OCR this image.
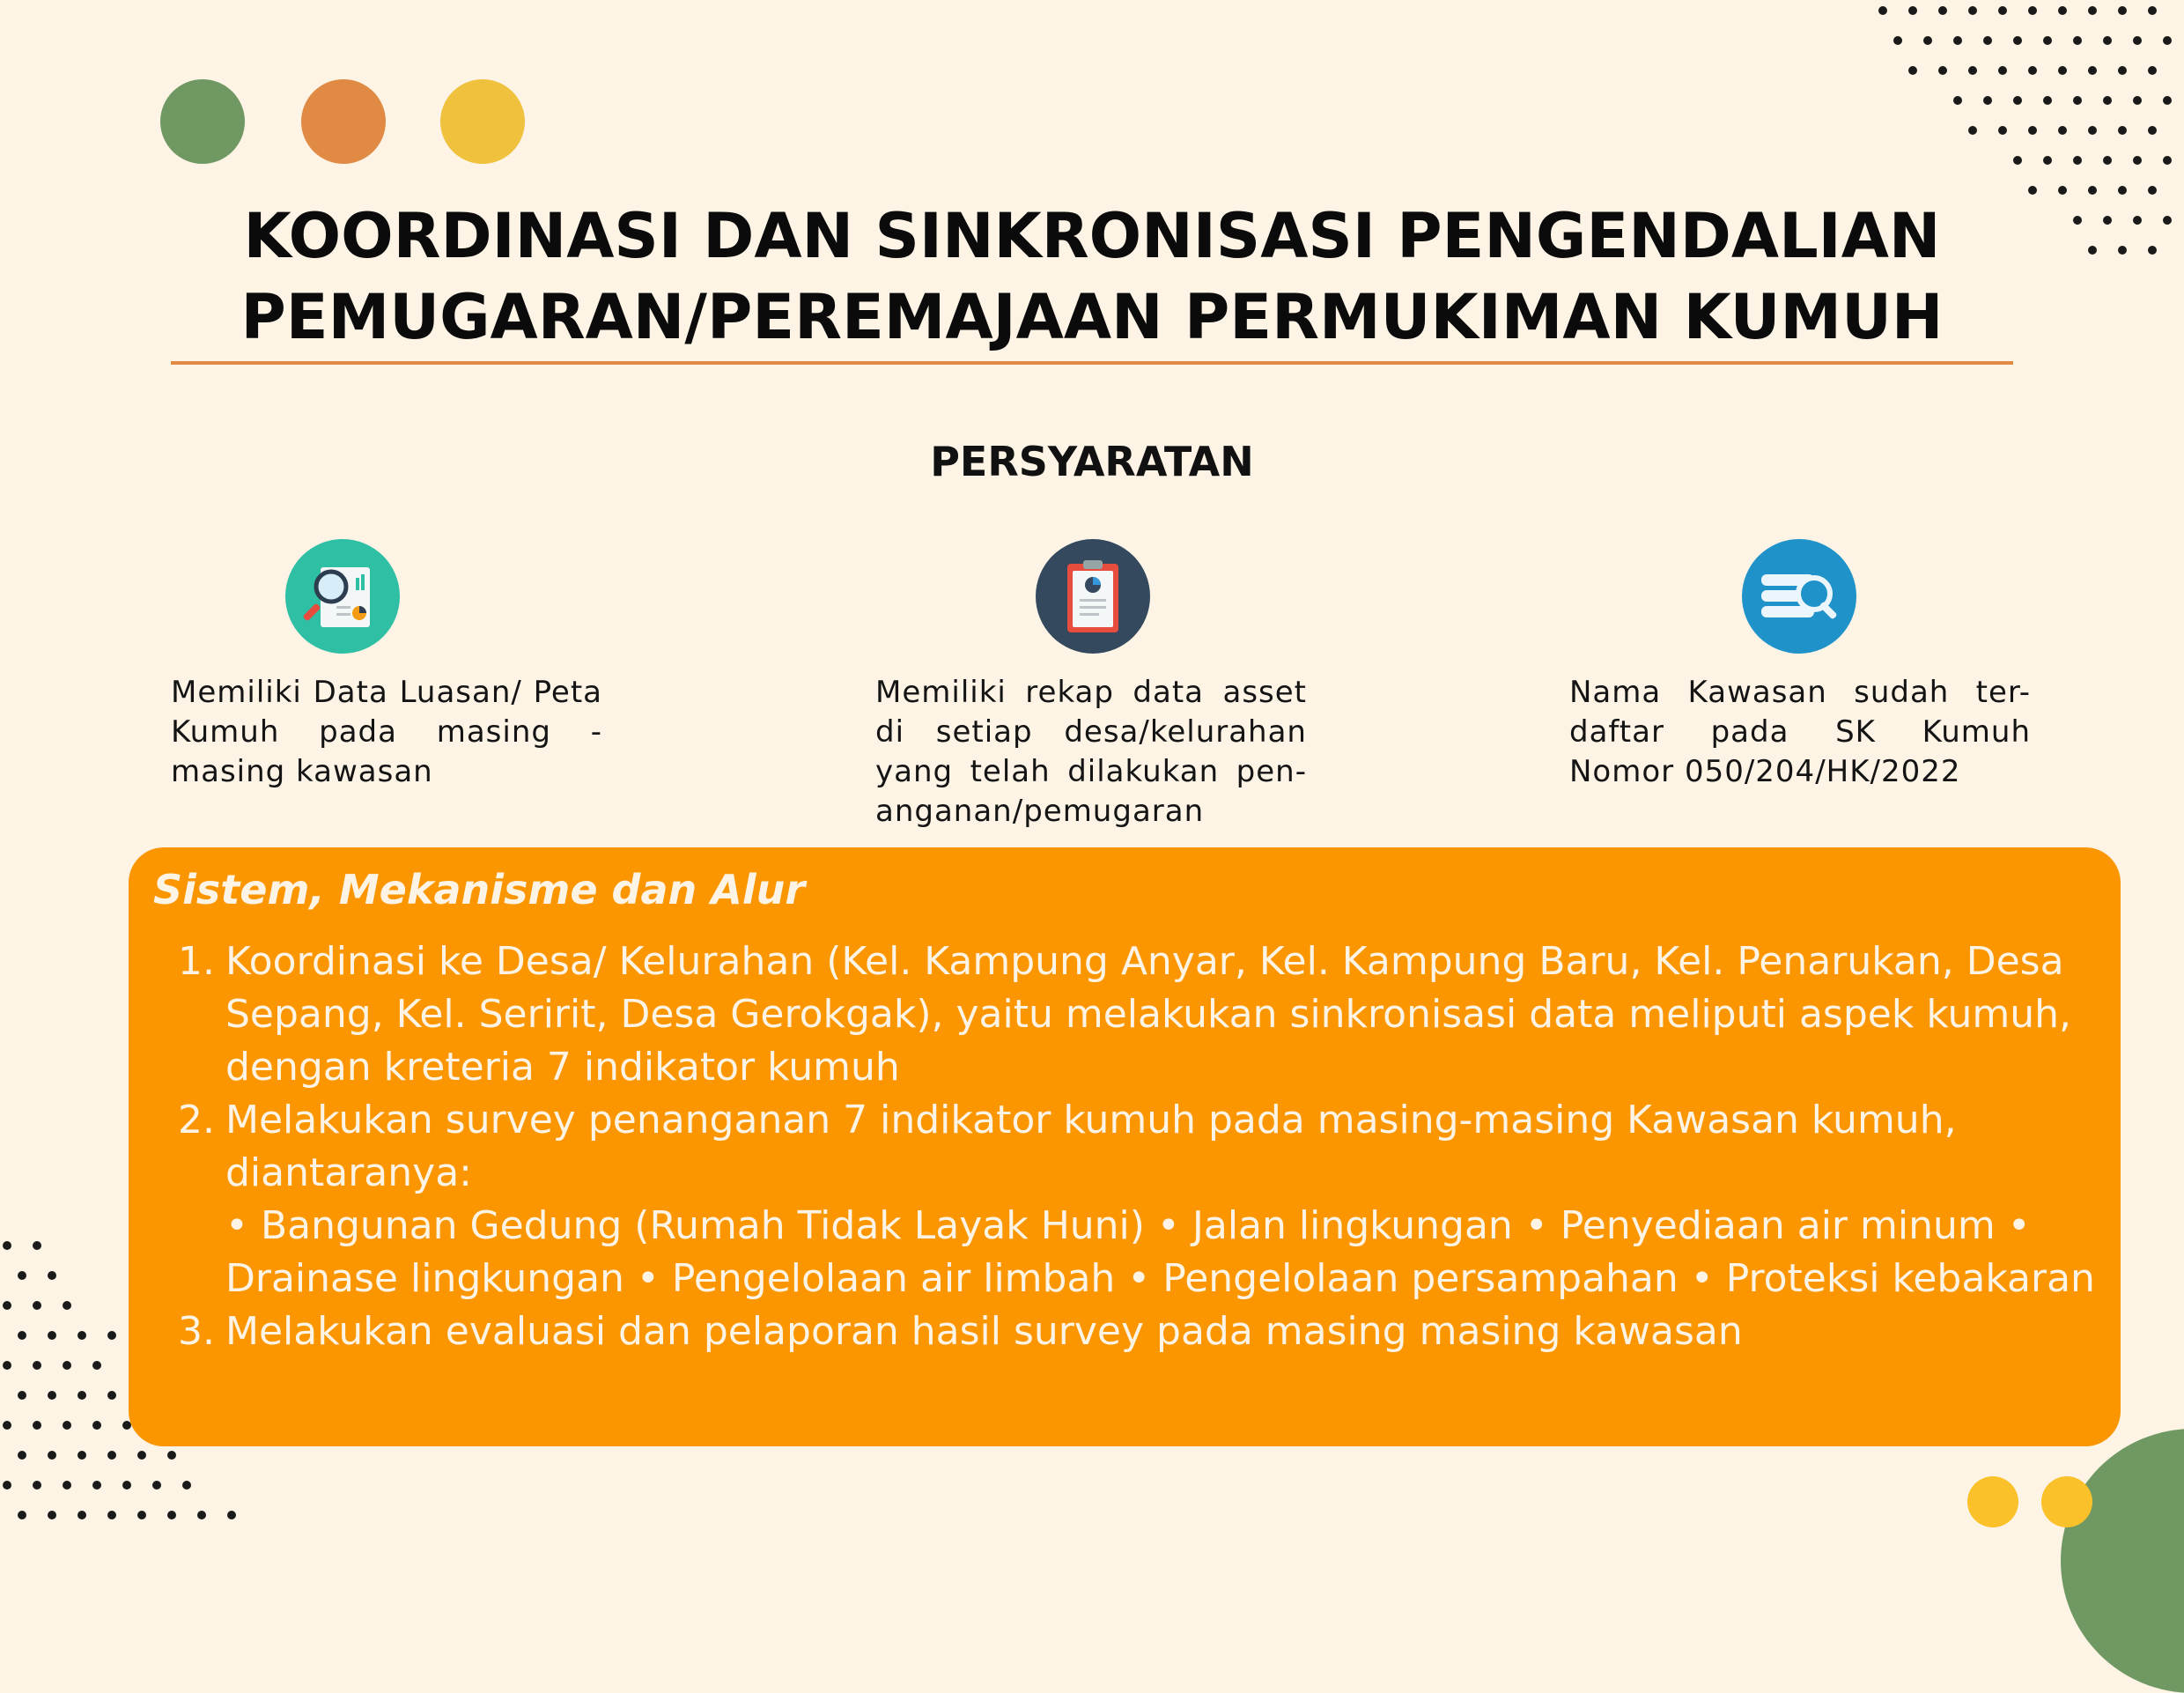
KOORDINASI DAN SINKRONISASI PENGENDALIAN
PEMUGARAN/PEREMAJAAN PERMUKIMAN KUMUH
PERSYARATAN
Memiliki Data Luasan/ Peta Kumuh pada masing -masing kawasan
Memiliki rekap data asset di setiap desa/kelurahan yang telah dilakukan pen- anganan/pemugaran
Nama Kawasan sudah ter- daftar pada SK Kumuh Nomor 050/204/HK/2022
Sistem, Mekanisme dan Alur
1. Koordinasi ke Desa/ Kelurahan (Kel. Kampung Anyar, Kel. Kampung Baru, Kel. Penarukan, Desa Sepang, Kel. Seririt, Desa Gerokgak), yaitu melakukan sinkronisasi data meliputi aspek kumuh, dengan kreteria 7 indikator kumuh
2. Melakukan survey penanganan 7 indikator kumuh pada masing-masing Kawasan kumuh, diantaranya:
• Bangunan Gedung (Rumah Tidak Layak Huni) • Jalan lingkungan • Penyediaan air minum • Drainase lingkungan • Pengelolaan air limbah • Pengelolaan persampahan • Proteksi kebakaran
3. Melakukan evaluasi dan pelaporan hasil survey pada masing masing kawasan
